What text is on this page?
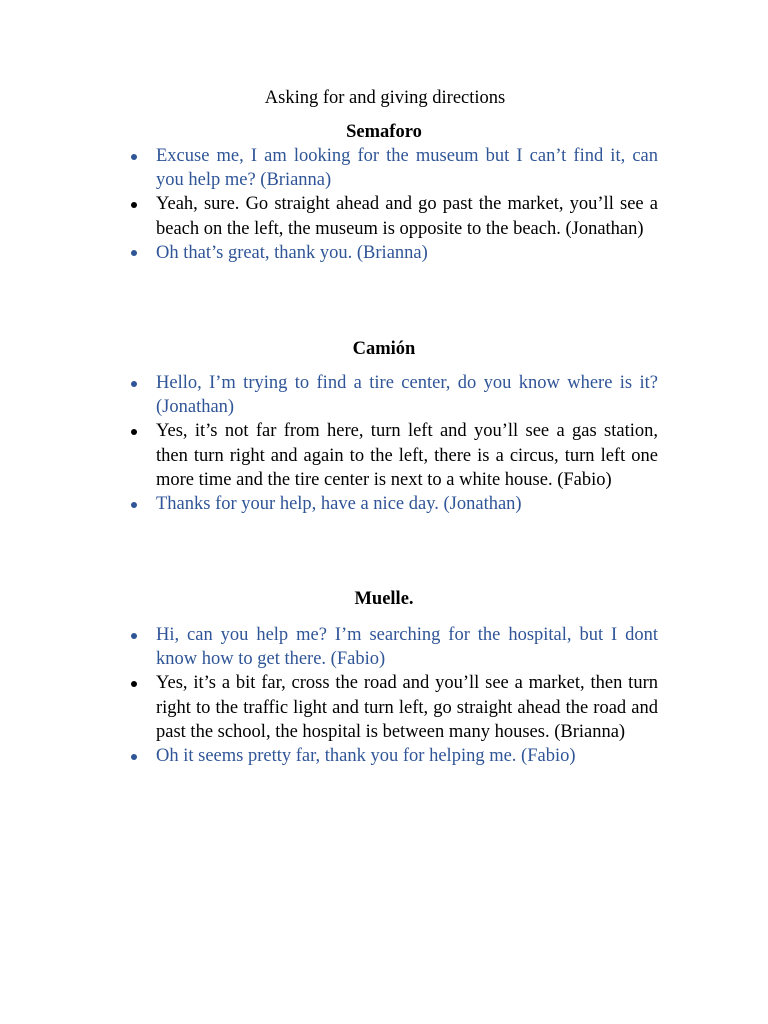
Asking for and giving directions
Semaforo
Excuse me, I am looking for the museum but I can’t find it, can you help me? (Brianna)
Yeah, sure. Go straight ahead and go past the market, you’ll see a beach on the left, the museum is opposite to the beach. (Jonathan)
Oh that’s great, thank you. (Brianna)
Camión
Hello, I’m trying to find a tire center, do you know where is it? (Jonathan)
Yes, it’s not far from here, turn left and you’ll see a gas station, then turn right and again to the left, there is a circus, turn left one more time and the tire center is next to a white house. (Fabio)
Thanks for your help, have a nice day. (Jonathan)
Muelle.
Hi, can you help me? I’m searching for the hospital, but I dont know how to get there. (Fabio)
Yes, it’s a bit far, cross the road and you’ll see a market, then turn right to the traffic light and turn left, go straight ahead the road and past the school, the hospital is between many houses. (Brianna)
Oh it seems pretty far, thank you for helping me. (Fabio)
